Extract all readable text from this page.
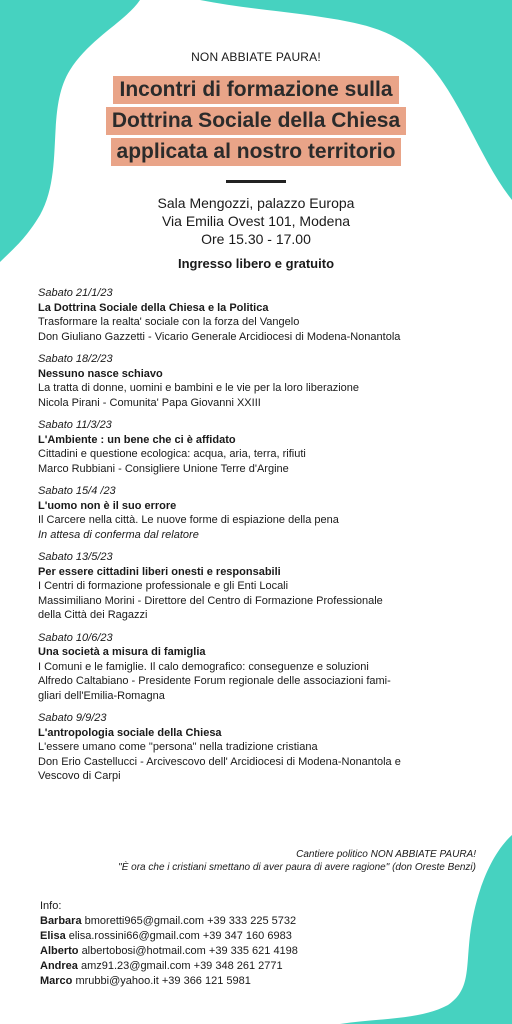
NON ABBIATE PAURA!
Incontri di formazione sulla
Dottrina Sociale della Chiesa
applicata al nostro territorio
Sala Mengozzi, palazzo Europa
Via Emilia Ovest 101, Modena
Ore 15.30 - 17.00
Ingresso libero e gratuito
Sabato 21/1/23
La Dottrina Sociale della Chiesa e la Politica
Trasformare la realta' sociale con la forza del Vangelo
Don Giuliano Gazzetti - Vicario Generale Arcidiocesi di Modena-Nonantola
Sabato 18/2/23
Nessuno nasce schiavo
La tratta di donne, uomini e bambini e le vie per la loro liberazione
Nicola Pirani - Comunita' Papa Giovanni XXIII
Sabato 11/3/23
L'Ambiente : un bene che ci è affidato
Cittadini e questione ecologica: acqua, aria, terra, rifiuti
Marco Rubbiani - Consigliere Unione Terre d'Argine
Sabato 15/4 /23
L'uomo non è il suo errore
Il Carcere nella città. Le nuove forme di espiazione della pena
In attesa di conferma dal relatore
Sabato 13/5/23
Per essere cittadini liberi onesti e responsabili
I Centri di formazione professionale e gli Enti Locali
Massimiliano Morini - Direttore del Centro di Formazione Professionale
della Città dei Ragazzi
Sabato 10/6/23
Una società a misura di famiglia
I Comuni e le famiglie. Il calo demografico: conseguenze e soluzioni
Alfredo Caltabiano - Presidente Forum regionale delle associazioni fami-
gliari dell'Emilia-Romagna
Sabato 9/9/23
L'antropologia sociale della Chiesa
L'essere umano come "persona" nella tradizione cristiana
Don Erio Castellucci - Arcivescovo dell' Arcidiocesi di Modena-Nonantola e
Vescovo di Carpi
Cantiere politico NON ABBIATE PAURA!
"È ora che i cristiani smettano di aver paura di avere ragione" (don Oreste Benzi)
Info:
Barbara bmoretti965@gmail.com +39 333 225 5732
Elisa elisa.rossini66@gmail.com +39 347 160 6983
Alberto albertobosi@hotmail.com +39 335 621 4198
Andrea amz91.23@gmail.com +39 348 261 2771
Marco mrubbi@yahoo.it +39 366 121 5981
